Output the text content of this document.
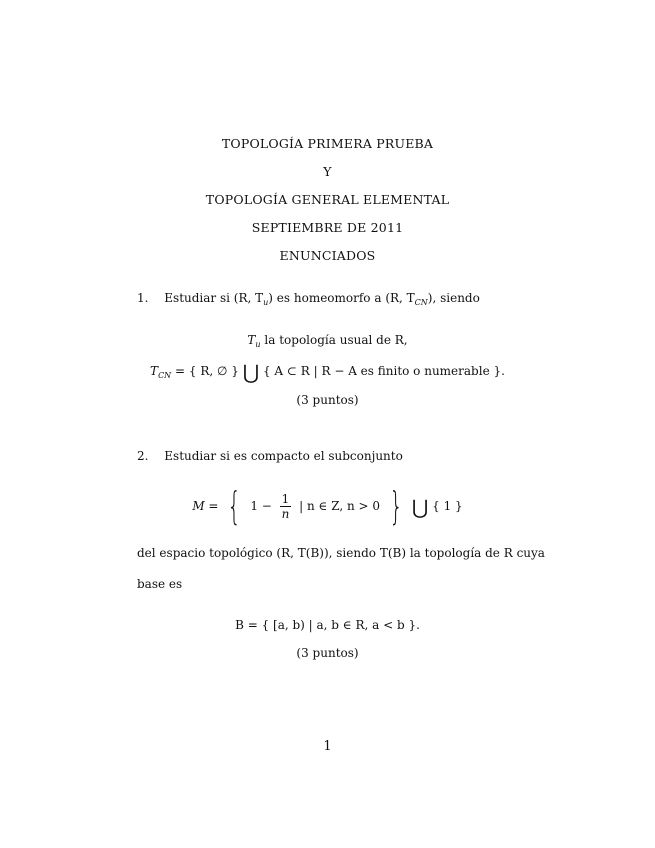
TOPOLOGÍA PRIMERA PRUEBA
Y
TOPOLOGÍA GENERAL ELEMENTAL
SEPTIEMBRE DE 2011
ENUNCIADOS
1. Estudiar si (R, $T_u$) es homeomorfo a (R, $T_{CN}$), siendo
$T_u$ la topología usual de R,
$T_{CN}$ = { R, ∅ } ⋃ { A ⊂ R | R − A es finito o numerable }.
(3 puntos)
2. Estudiar si es compacto el subconjunto
M = { $1 - \frac{1}{n}$ | n ∈ Z, n > 0 } ⋃ { 1 }
del espacio topológico (R, T(B)), siendo T(B) la topología de R cuya
base es
B = { [a, b) | a, b ∈ R, a < b }.
(3 puntos)
1
